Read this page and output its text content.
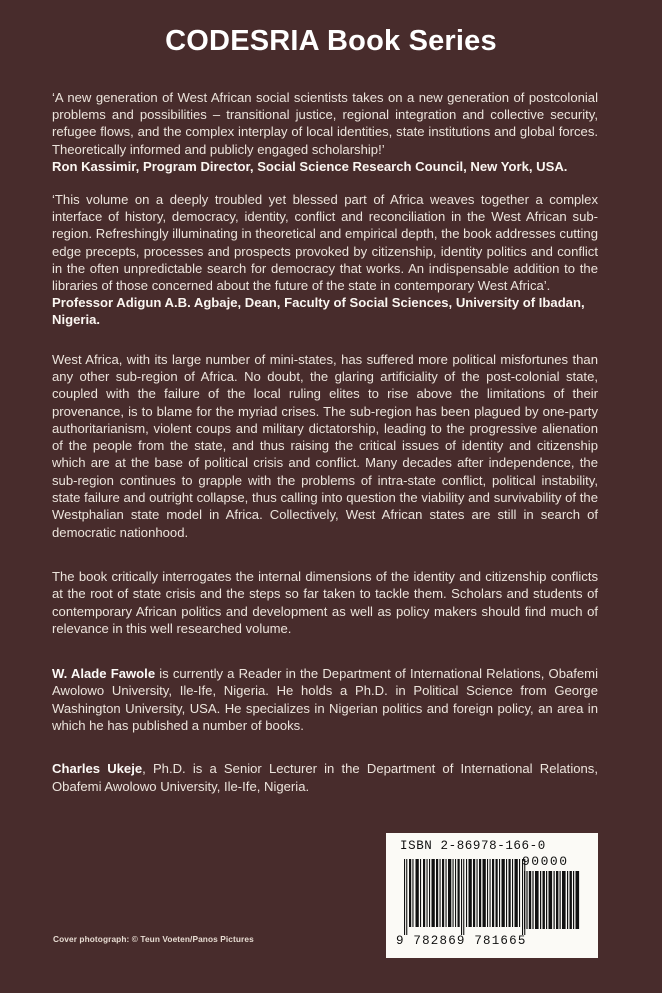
CODESRIA Book Series

‘A new generation of West African social scientists takes on a new generation of postcolonial problems and possibilities – transitional justice, regional integration and collective security, refugee flows, and the complex interplay of local identities, state institutions and global forces. Theoretically informed and publicly engaged scholarship!’
Ron Kassimir, Program Director, Social Science Research Council, New York, USA.

‘This volume on a deeply troubled yet blessed part of Africa weaves together a complex interface of history, democracy, identity, conflict and reconciliation in the West African sub-region. Refreshingly illuminating in theoretical and empirical depth, the book addresses cutting edge precepts, processes and prospects provoked by citizenship, identity politics and conflict in the often unpredictable search for democracy that works. An indispensable addition to the libraries of those concerned about the future of the state in contemporary West Africa’.
Professor Adigun A.B. Agbaje, Dean, Faculty of Social Sciences, University of Ibadan, Nigeria.

West Africa, with its large number of mini-states, has suffered more political misfortunes than any other sub-region of Africa. No doubt, the glaring artificiality of the post-colonial state, coupled with the failure of the local ruling elites to rise above the limitations of their provenance, is to blame for the myriad crises. The sub-region has been plagued by one-party authoritarianism, violent coups and military dictatorship, leading to the progressive alienation of the people from the state, and thus raising the critical issues of identity and citizenship which are at the base of political crisis and conflict. Many decades after independence, the sub-region continues to grapple with the problems of intra-state conflict, political instability, state failure and outright collapse, thus calling into question the viability and survivability of the Westphalian state model in Africa. Collectively, West African states are still in search of democratic nationhood.

The book critically interrogates the internal dimensions of the identity and citizenship conflicts at the root of state crisis and the steps so far taken to tackle them. Scholars and students of contemporary African politics and development as well as policy makers should find much of relevance in this well researched volume.

W. Alade Fawole is currently a Reader in the Department of International Relations, Obafemi Awolowo University, Ile-Ife, Nigeria. He holds a Ph.D. in Political Science from George Washington University, USA. He specializes in Nigerian politics and foreign policy, an area in which he has published a number of books.

Charles Ukeje, Ph.D. is a Senior Lecturer in the Department of International Relations, Obafemi Awolowo University, Ile-Ife, Nigeria.

ISBN 2-86978-166-0
9 782869 781665
90000
Cover photograph: © Teun Voeten/Panos Pictures
